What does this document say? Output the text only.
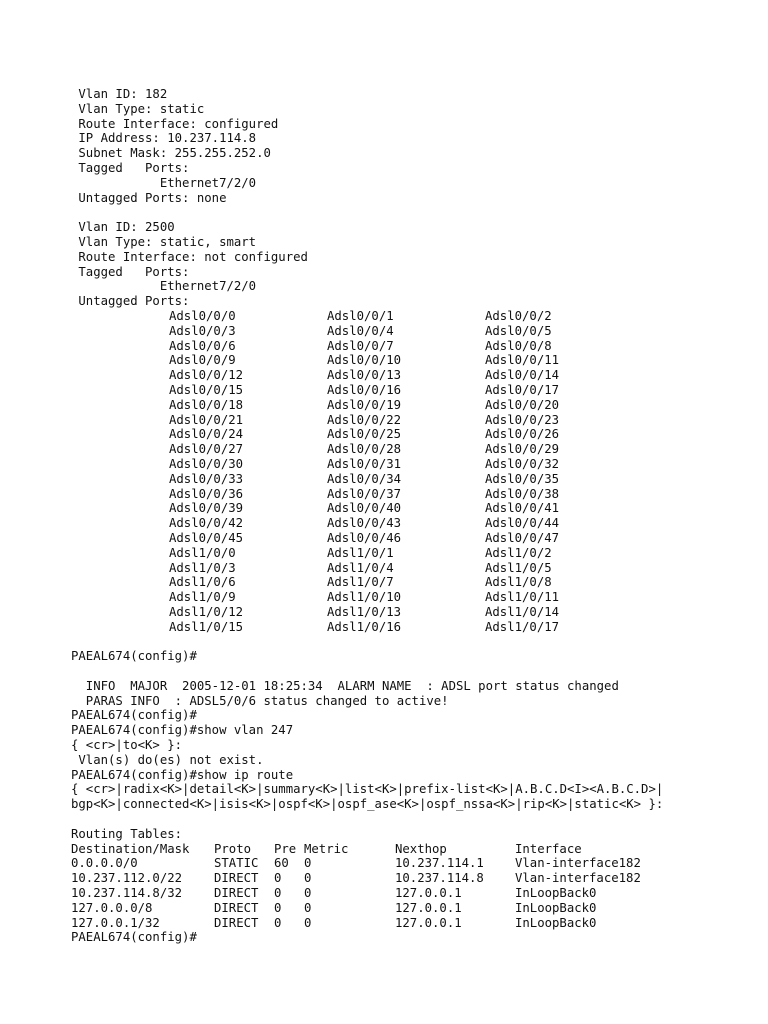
Vlan ID: 182
Vlan Type: static
Route Interface: configured
IP Address: 10.237.114.8
Subnet Mask: 255.255.252.0
Tagged   Ports:
Ethernet7/2/0
Untagged Ports: none
Vlan ID: 2500
Vlan Type: static, smart
Route Interface: not configured
Tagged   Ports:
Ethernet7/2/0
Untagged Ports:
Adsl0/0/0	Adsl0/0/1	Adsl0/0/2
Adsl0/0/3	Adsl0/0/4	Adsl0/0/5
Adsl0/0/6	Adsl0/0/7	Adsl0/0/8
Adsl0/0/9	Adsl0/0/10	Adsl0/0/11
Adsl0/0/12	Adsl0/0/13	Adsl0/0/14
Adsl0/0/15	Adsl0/0/16	Adsl0/0/17
Adsl0/0/18	Adsl0/0/19	Adsl0/0/20
Adsl0/0/21	Adsl0/0/22	Adsl0/0/23
Adsl0/0/24	Adsl0/0/25	Adsl0/0/26
Adsl0/0/27	Adsl0/0/28	Adsl0/0/29
Adsl0/0/30	Adsl0/0/31	Adsl0/0/32
Adsl0/0/33	Adsl0/0/34	Adsl0/0/35
Adsl0/0/36	Adsl0/0/37	Adsl0/0/38
Adsl0/0/39	Adsl0/0/40	Adsl0/0/41
Adsl0/0/42	Adsl0/0/43	Adsl0/0/44
Adsl0/0/45	Adsl0/0/46	Adsl0/0/47
Adsl1/0/0	Adsl1/0/1	Adsl1/0/2
Adsl1/0/3	Adsl1/0/4	Adsl1/0/5
Adsl1/0/6	Adsl1/0/7	Adsl1/0/8
Adsl1/0/9	Adsl1/0/10	Adsl1/0/11
Adsl1/0/12	Adsl1/0/13	Adsl1/0/14
Adsl1/0/15	Adsl1/0/16	Adsl1/0/17
PAEAL674(config)#
INFO  MAJOR  2005-12-01 18:25:34  ALARM NAME  : ADSL port status changed
PARAS INFO  : ADSL5/0/6 status changed to active!
PAEAL674(config)#
PAEAL674(config)#show vlan 247
{ <cr>|to<K> }:
Vlan(s) do(es) not exist.
PAEAL674(config)#show ip route
{ <cr>|radix<K>|detail<K>|summary<K>|list<K>|prefix-list<K>|A.B.C.D<I><A.B.C.D>|
bgp<K>|connected<K>|isis<K>|ospf<K>|ospf_ase<K>|ospf_nssa<K>|rip<K>|static<K> }:
Routing Tables:
Destination/Mask Proto Pre Metric	Nexthop	Interface
0.0.0.0/0	STATIC 60 0	10.237.114.1	Vlan-interface182
10.237.112.0/22	DIRECT 0 0	10.237.114.8	Vlan-interface182
10.237.114.8/32	DIRECT 0 0	127.0.0.1	InLoopBack0
127.0.0.0/8	DIRECT 0 0	127.0.0.1	InLoopBack0
127.0.0.1/32	DIRECT 0 0	127.0.0.1	InLoopBack0
PAEAL674(config)#
